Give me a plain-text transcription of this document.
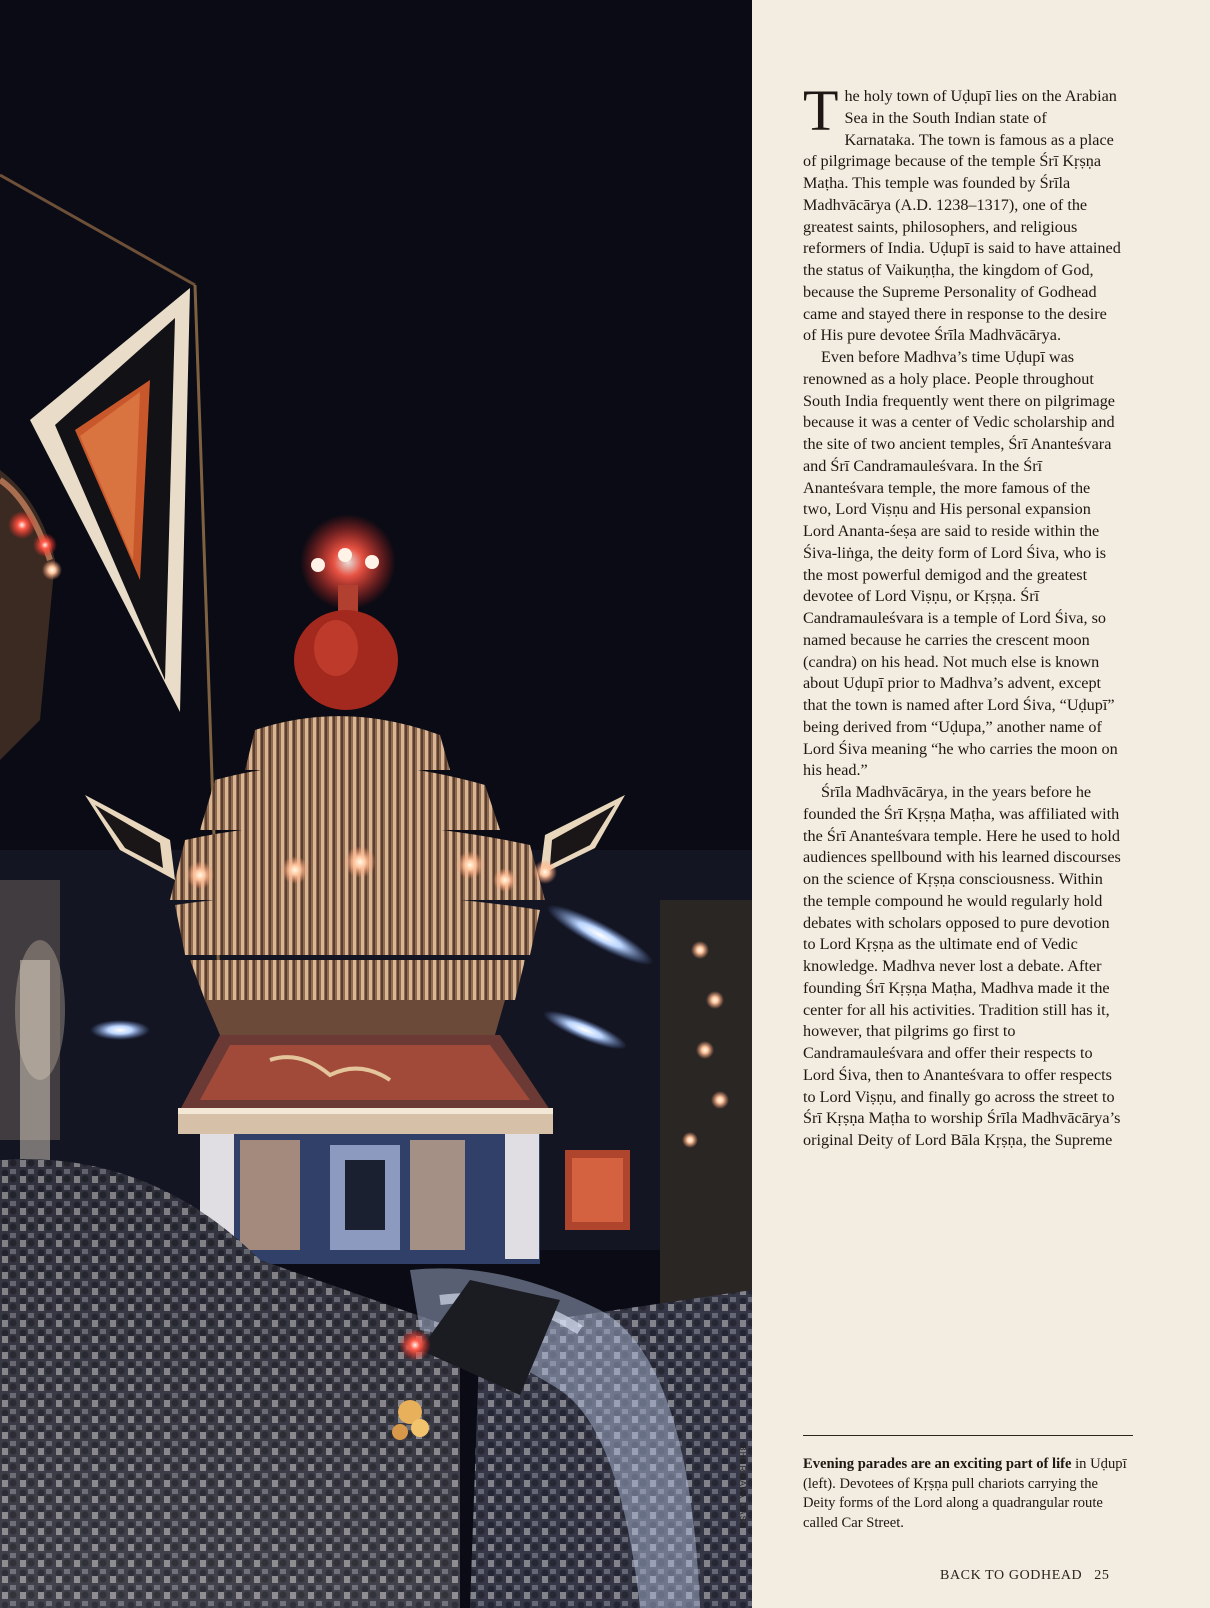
BHARGAVA DĀSA

The holy town of Uḍupī lies on the Arabian Sea in the South Indian state of Karnataka. The town is famous as a place of pilgrimage because of the temple Śrī Kṛṣṇa Maṭha. This temple was founded by Śrīla Madhvācārya (A.D. 1238–1317), one of the greatest saints, philosophers, and religious reformers of India. Uḍupī is said to have attained the status of Vaikuṇṭha, the kingdom of God, because the Supreme Personality of Godhead came and stayed there in response to the desire of His pure devotee Śrīla Madhvācārya.

Even before Madhva’s time Uḍupī was renowned as a holy place. People throughout South India frequently went there on pilgrimage because it was a center of Vedic scholarship and the site of two ancient temples, Śrī Ananteśvara and Śrī Candramauleśvara. In the Śrī Ananteśvara temple, the more famous of the two, Lord Viṣṇu and His personal expansion Lord Ananta-śeṣa are said to reside within the Śiva-liṅga, the deity form of Lord Śiva, who is the most powerful demigod and the greatest devotee of Lord Viṣṇu, or Kṛṣṇa. Śrī Candramauleśvara is a temple of Lord Śiva, so named because he carries the crescent moon (candra) on his head. Not much else is known about Uḍupī prior to Madhva’s advent, except that the town is named after Lord Śiva, “Uḍupī” being derived from “Uḍupa,” another name of Lord Śiva meaning “he who carries the moon on his head.”

Śrīla Madhvācārya, in the years before he founded the Śrī Kṛṣṇa Maṭha, was affiliated with the Śrī Ananteśvara temple. Here he used to hold audiences spellbound with his learned discourses on the science of Kṛṣṇa consciousness. Within the temple compound he would regularly hold debates with scholars opposed to pure devotion to Lord Kṛṣṇa as the ultimate end of Vedic knowledge. Madhva never lost a debate. After founding Śrī Kṛṣṇa Maṭha, Madhva made it the center for all his activities. Tradition still has it, however, that pilgrims go first to Candramauleśvara and offer their respects to Lord Śiva, then to Ananteśvara to offer respects to Lord Viṣṇu, and finally go across the street to Śrī Kṛṣṇa Maṭha to worship Śrīla Madhvācārya’s original Deity of Lord Bāla Kṛṣṇa, the Supreme

Evening parades are an exciting part of life in Uḍupī (left). Devotees of Kṛṣṇa pull chariots carrying the Deity forms of the Lord along a quadrangular route called Car Street.
BACK TO GODHEAD 25
